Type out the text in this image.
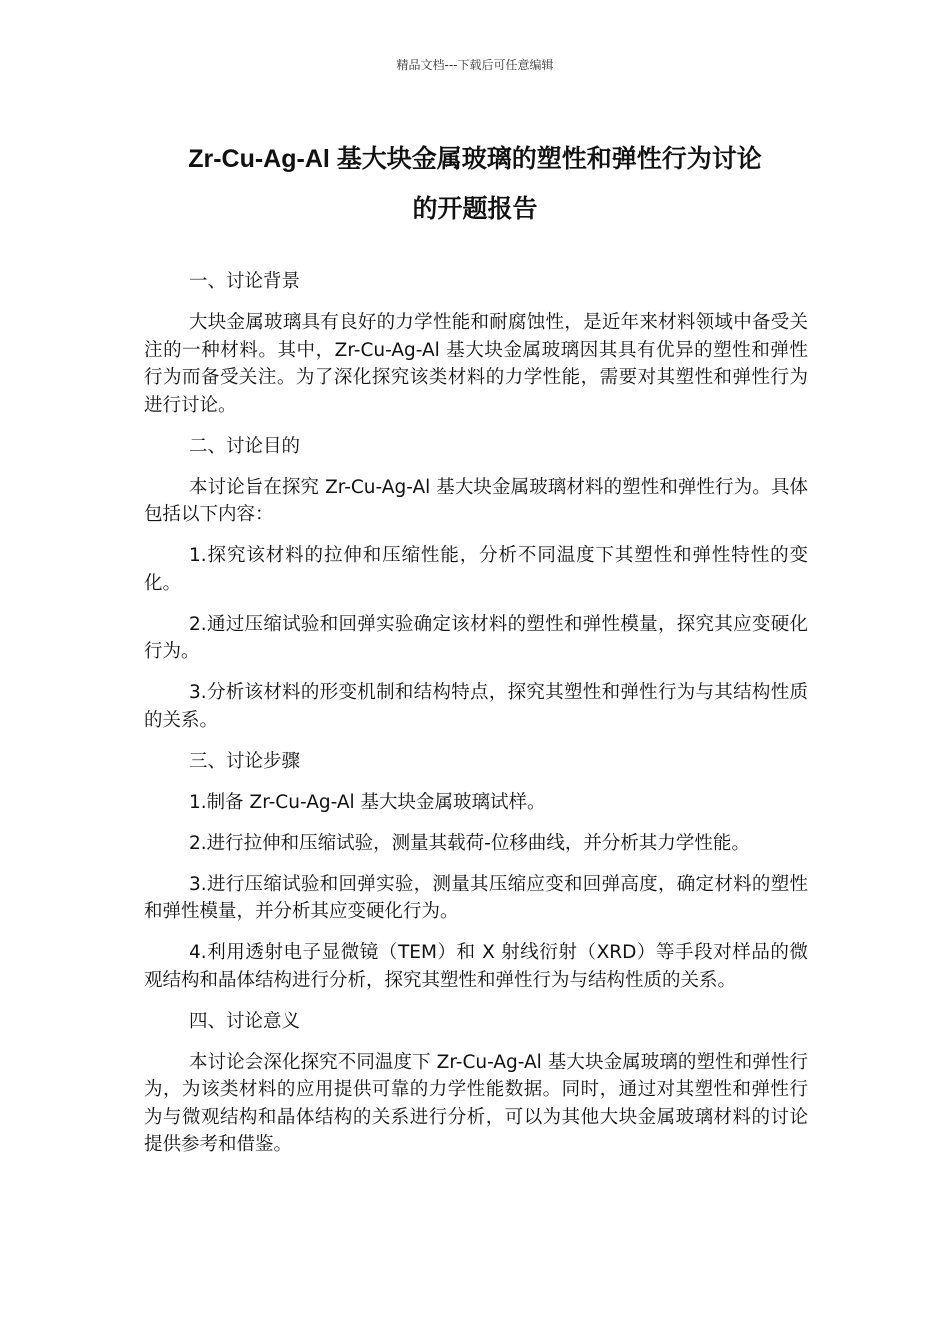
精品文档---下载后可任意编辑
Zr-Cu-Ag-Al 基大块金属玻璃的塑性和弹性行为讨论
的开题报告

一、讨论背景

大块金属玻璃具有良好的力学性能和耐腐蚀性，是近年来材料领域中备受关注的一种材料。其中，Zr-Cu-Ag-Al 基大块金属玻璃因其具有优异的塑性和弹性行为而备受关注。为了深化探究该类材料的力学性能，需要对其塑性和弹性行为进行讨论。

二、讨论目的

本讨论旨在探究 Zr-Cu-Ag-Al 基大块金属玻璃材料的塑性和弹性行为。具体包括以下内容：

1.探究该材料的拉伸和压缩性能，分析不同温度下其塑性和弹性特性的变化。

2.通过压缩试验和回弹实验确定该材料的塑性和弹性模量，探究其应变硬化行为。

3.分析该材料的形变机制和结构特点，探究其塑性和弹性行为与其结构性质的关系。

三、讨论步骤

1.制备 Zr-Cu-Ag-Al 基大块金属玻璃试样。

2.进行拉伸和压缩试验，测量其载荷-位移曲线，并分析其力学性能。

3.进行压缩试验和回弹实验，测量其压缩应变和回弹高度，确定材料的塑性和弹性模量，并分析其应变硬化行为。

4.利用透射电子显微镜（TEM）和 X 射线衍射（XRD）等手段对样品的微观结构和晶体结构进行分析，探究其塑性和弹性行为与结构性质的关系。

四、讨论意义

本讨论会深化探究不同温度下 Zr-Cu-Ag-Al 基大块金属玻璃的塑性和弹性行为，为该类材料的应用提供可靠的力学性能数据。同时，通过对其塑性和弹性行为与微观结构和晶体结构的关系进行分析，可以为其他大块金属玻璃材料的讨论提供参考和借鉴。
